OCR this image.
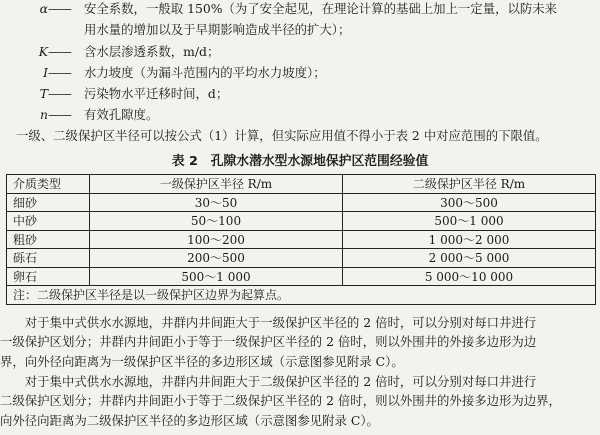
α—— 安全系数，一般取 150%（为了安全起见，在理论计算的基础上加上一定量，以防未来
用水量的增加以及于早期影响造成半径的扩大）；
K—— 含水层渗透系数，m/d；
I—— 水力坡度（为漏斗范围内的平均水力坡度）；
T—— 污染物水平迁移时间，d；
n—— 有效孔隙度。
一级、二级保护区半径可以按公式（1）计算，但实际应用值不得小于表 2 中对应范围的下限值。
表 2　孔隙水潜水型水源地保护区范围经验值
介质类型	一级保护区半径 R/m	二级保护区半径 R/m
细砂	30～50	300～500
中砂	50～100	500～1 000
粗砂	100～200	1 000～2 000
砾石	200～500	2 000～5 000
卵石	500～1 000	5 000～10 000
注：二级保护区半径是以一级保护区边界为起算点。		
　　对于集中式供水水源地，井群内井间距大于一级保护区半径的 2 倍时，可以分别对每口井进行
一级保护区划分；井群内井间距小于等于一级保护区半径的 2 倍时，则以外围井的外接多边形为边
界，向外径向距离为一级保护区半径的多边形区域（示意图参见附录 C）。
　　对于集中式供水水源地，井群内井间距大于二级保护区半径的 2 倍时，可以分别对每口井进行
二级保护区划分；井群内井间距小于等于二级保护区半径的 2 倍时，则以外围井的外接多边形为边界，
向外径向距离为二级保护区半径的多边形区域（示意图参见附录 C）。
